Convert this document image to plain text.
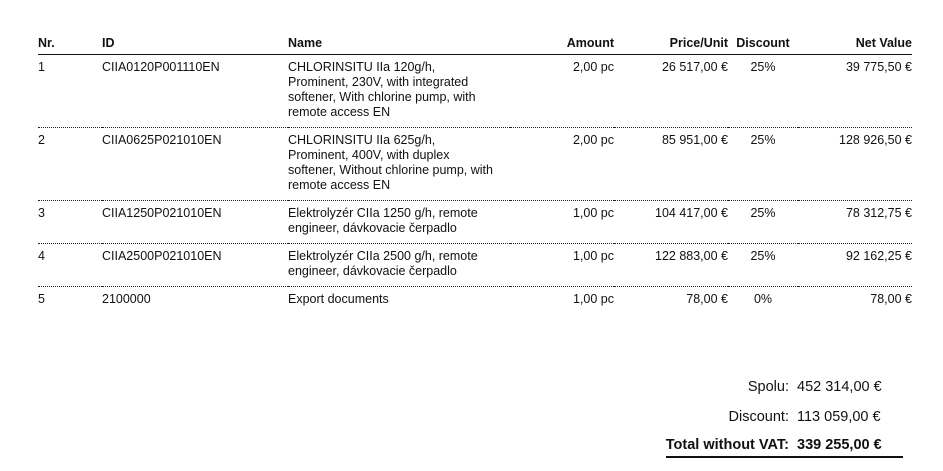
Nr.	ID	Name	Amount	Price/Unit	Discount	Net Value
1	CIIA0120P001110EN	CHLORINSITU IIa 120g/h, Prominent, 230V, with integrated softener, With chlorine pump, with remote access EN	2,00 pc	26 517,00 €	25%	39 775,50 €
2	CIIA0625P021010EN	CHLORINSITU IIa 625g/h, Prominent, 400V, with duplex softener, Without chlorine pump, with remote access EN	2,00 pc	85 951,00 €	25%	128 926,50 €
3	CIIA1250P021010EN	Elektrolyzér CIIa 1250 g/h, remote engineer, dávkovacie čerpadlo	1,00 pc	104 417,00 €	25%	78 312,75 €
4	CIIA2500P021010EN	Elektrolyzér CIIa 2500 g/h, remote engineer, dávkovacie čerpadlo	1,00 pc	122 883,00 €	25%	92 162,25 €
5	2100000	Export documents	1,00 pc	78,00 €	0%	78,00 €
Spolu: 452 314,00 €
Discount: 113 059,00 €
Total without VAT: 339 255,00 €
